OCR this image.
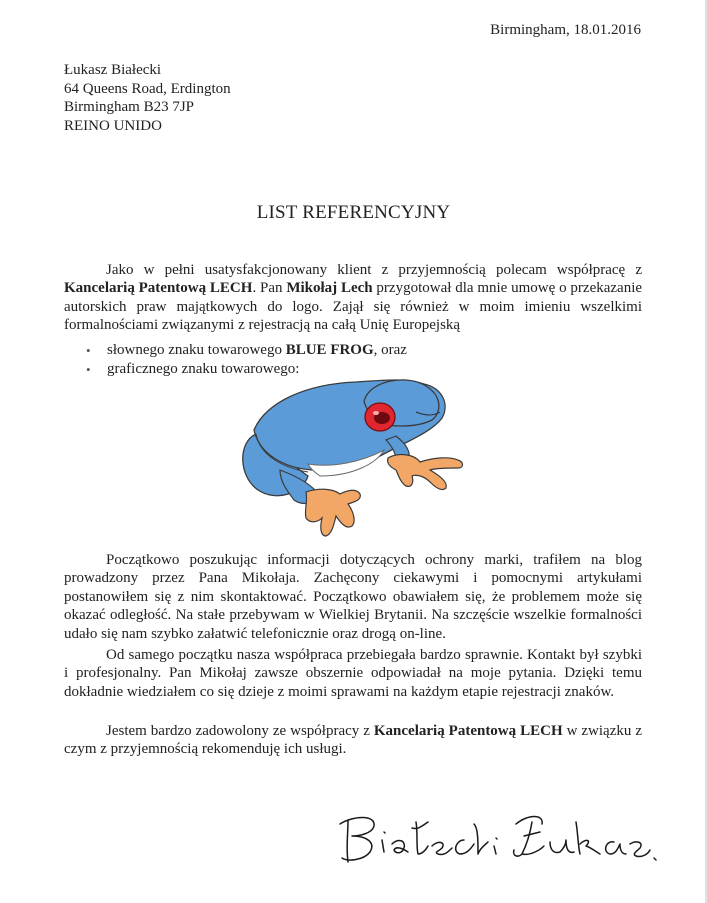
Birmingham, 18.01.2016
Łukasz Białecki
64 Queens Road, Erdington
Birmingham B23 7JP
REINO UNIDO
LIST REFERENCYJNY
Jako w pełni usatysfakcjonowany klient z przyjemnością polecam współpracę z Kancelarią Patentową LECH. Pan Mikołaj Lech przygotował dla mnie umowę o przekazanie autorskich praw majątkowych do logo. Zajął się również w moim imieniu wszelkimi formalnościami związanymi z rejestracją na całą Unię Europejską
• słownego znaku towarowego BLUE FROG, oraz
• graficznego znaku towarowego:
Początkowo poszukując informacji dotyczących ochrony marki, trafiłem na blog prowadzony przez Pana Mikołaja. Zachęcony ciekawymi i pomocnymi artykułami postanowiłem się z nim skontaktować. Początkowo obawiałem się, że problemem może się okazać odległość. Na stałe przebywam w Wielkiej Brytanii. Na szczęście wszelkie formalności udało się nam szybko załatwić telefonicznie oraz drogą on-line.
Od samego początku nasza współpraca przebiegała bardzo sprawnie. Kontakt był szybki i profesjonalny. Pan Mikołaj zawsze obszernie odpowiadał na moje pytania. Dzięki temu dokładnie wiedziałem co się dzieje z moimi sprawami na każdym etapie rejestracji znaków.
Jestem bardzo zadowolony ze współpracy z Kancelarią Patentową LECH w związku z czym z przyjemnością rekomenduję ich usługi.
